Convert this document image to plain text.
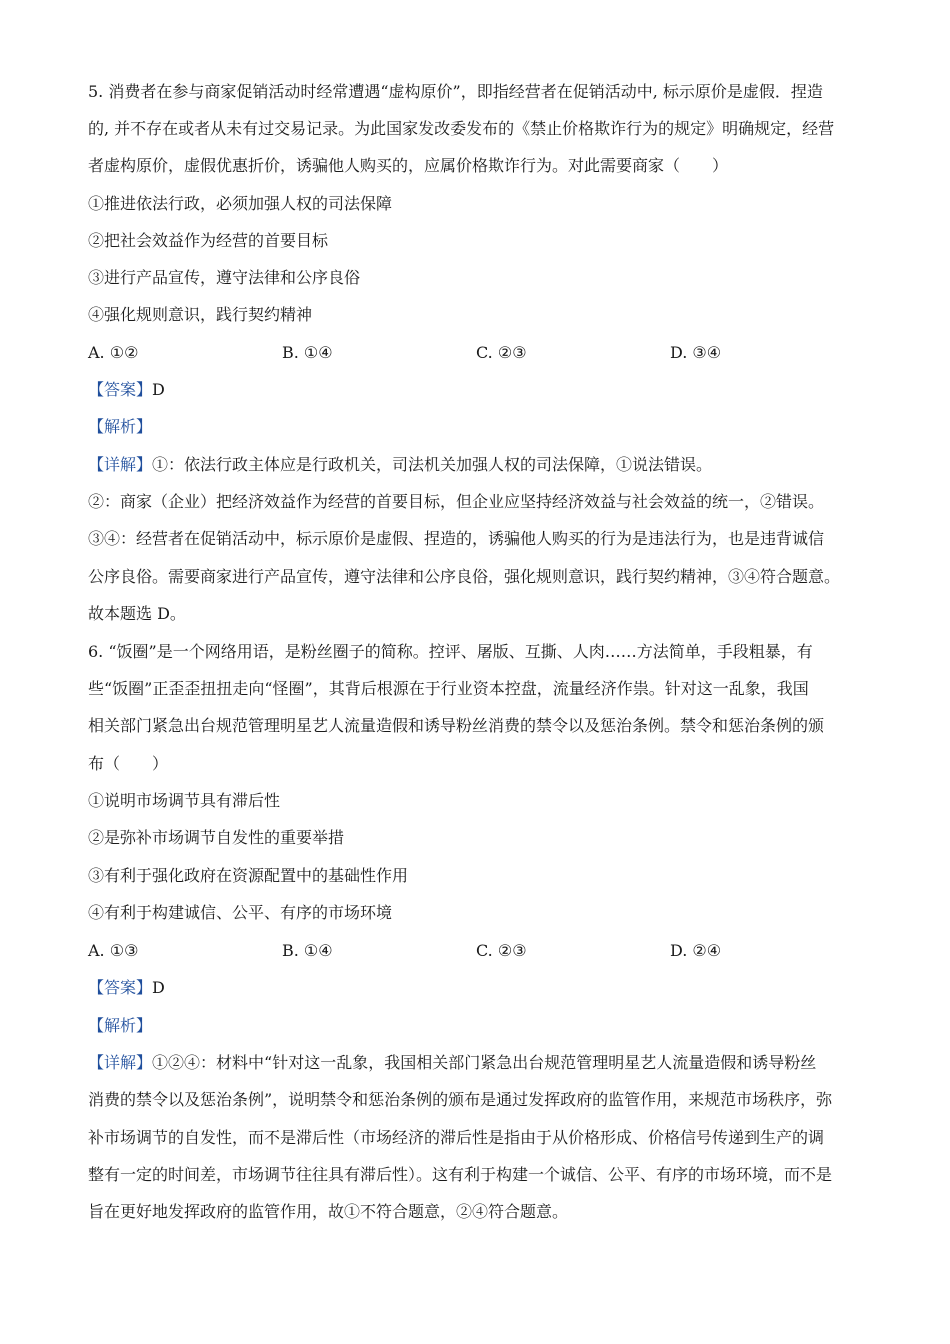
5. 消费者在参与商家促销活动时经常遭遇“虚构原价”，即指经营者在促销活动中, 标示原价是虚假．捏造
的, 并不存在或者从未有过交易记录。为此国家发改委发布的《禁止价格欺诈行为的规定》明确规定，经营
者虚构原价，虚假优惠折价，诱骗他人购买的，应属价格欺诈行为。对此需要商家（　　）
①推进依法行政，必须加强人权的司法保障
②把社会效益作为经营的首要目标
③进行产品宣传，遵守法律和公序良俗
④强化规则意识，践行契约精神
A. ①②	B. ①④	C. ②③	D. ③④
【答案】D
【解析】
【详解】①：依法行政主体应是行政机关，司法机关加强人权的司法保障，①说法错误。
②：商家（企业）把经济效益作为经营的首要目标，但企业应坚持经济效益与社会效益的统一，②错误。
③④：经营者在促销活动中，标示原价是虚假、捏造的，诱骗他人购买的行为是违法行为，也是违背诚信
公序良俗。需要商家进行产品宣传，遵守法律和公序良俗，强化规则意识，践行契约精神，③④符合题意。
故本题选 D。
6. “饭圈”是一个网络用语，是粉丝圈子的简称。控评、屠版、互撕、人肉……方法简单，手段粗暴，有
些“饭圈”正歪歪扭扭走向“怪圈”，其背后根源在于行业资本控盘，流量经济作祟。针对这一乱象，我国
相关部门紧急出台规范管理明星艺人流量造假和诱导粉丝消费的禁令以及惩治条例。禁令和惩治条例的颁
布（　　）
①说明市场调节具有滞后性
②是弥补市场调节自发性的重要举措
③有利于强化政府在资源配置中的基础性作用
④有利于构建诚信、公平、有序的市场环境
A. ①③	B. ①④	C. ②③	D. ②④
【答案】D
【解析】
【详解】①②④：材料中“针对这一乱象，我国相关部门紧急出台规范管理明星艺人流量造假和诱导粉丝
消费的禁令以及惩治条例”，说明禁令和惩治条例的颁布是通过发挥政府的监管作用，来规范市场秩序，弥
补市场调节的自发性，而不是滞后性（市场经济的滞后性是指由于从价格形成、价格信号传递到生产的调
整有一定的时间差，市场调节往往具有滞后性）。这有利于构建一个诚信、公平、有序的市场环境，而不是
旨在更好地发挥政府的监管作用，故①不符合题意，②④符合题意。
